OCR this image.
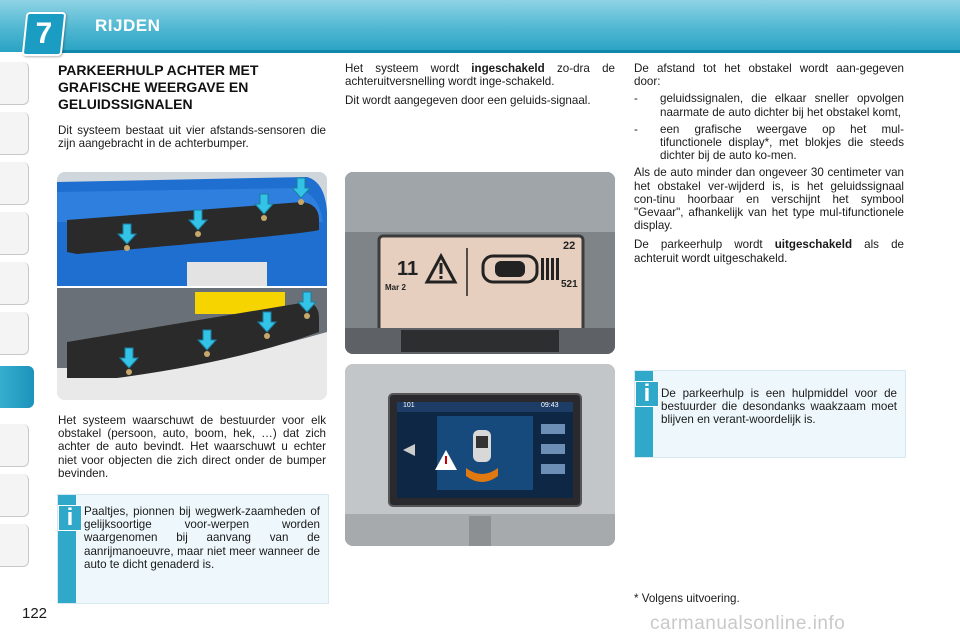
7	RIJDEN
PARKEERHULP ACHTER MET GRAFISCHE WEERGAVE EN GELUIDSSIGNALEN
Dit systeem bestaat uit vier afstands-sensoren die zijn aangebracht in de achterbumper.
Het systeem waarschuwt de bestuurder voor elk obstakel (persoon, auto, boom, hek, …) dat zich achter de auto bevindt. Het waarschuwt u echter niet voor objecten die zich direct onder de bumper bevinden.
i Paaltjes, pionnen bij wegwerk-zaamheden of gelijksoortige voor-werpen worden waargenomen bij aanvang van de aanrijmanoeuvre, maar niet meer wanneer de auto te dicht genaderd is.

Het systeem wordt ingeschakeld zo-dra de achteruitversnelling wordt inge-schakeld.

Dit wordt aangegeven door een geluids-signaal.

11
Mar 2
22
521
101	09:43

De afstand tot het obstakel wordt aan-gegeven door:

- geluidssignalen, die elkaar sneller opvolgen naarmate de auto dichter bij het obstakel komt,
- een grafische weergave op het mul-tifunctionele display*, met blokjes die steeds dichter bij de auto ko-men.

Als de auto minder dan ongeveer 30 centimeter van het obstakel ver-wijderd is, is het geluidssignaal con-tinu hoorbaar en verschijnt het symbool "Gevaar", afhankelijk van het type mul-tifunctionele display.

De parkeerhulp wordt uitgeschakeld als de achteruit wordt uitgeschakeld.

i De parkeerhulp is een hulpmiddel voor de bestuurder die desondanks waakzaam moet blijven en verant-woordelijk is.
* Volgens uitvoering.
122	carmanualsonline.info
